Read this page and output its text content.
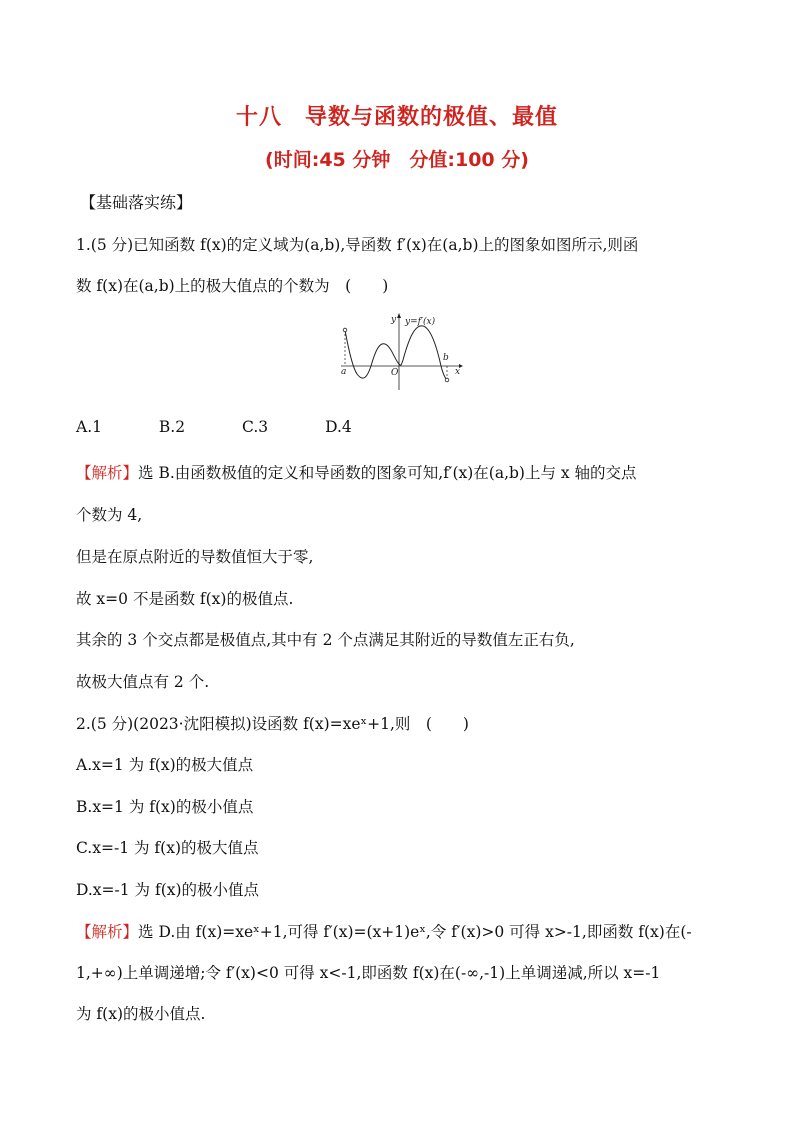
十八　导数与函数的极值、最值
(时间:45 分钟　分值:100 分)
【基础落实练】
1.(5 分)已知函数 f(x)的定义域为(a,b),导函数 f′(x)在(a,b)上的图象如图所示,则函
数 f(x)在(a,b)上的极大值点的个数为　(　　)
y=f′(x)
y
x
O
a
b
A.1	B.2	C.3	D.4
【解析】选 B.由函数极值的定义和导函数的图象可知,f′(x)在(a,b)上与 x 轴的交点
个数为 4,
但是在原点附近的导数值恒大于零,
故 x=0 不是函数 f(x)的极值点.
其余的 3 个交点都是极值点,其中有 2 个点满足其附近的导数值左正右负,
故极大值点有 2 个.
2.(5 分)(2023·沈阳模拟)设函数 f(x)=xeˣ+1,则　(　　)
A.x=1 为 f(x)的极大值点
B.x=1 为 f(x)的极小值点
C.x=-1 为 f(x)的极大值点
D.x=-1 为 f(x)的极小值点
【解析】选 D.由 f(x)=xeˣ+1,可得 f′(x)=(x+1)eˣ,令 f′(x)>0 可得 x>-1,即函数 f(x)在(-
1,+∞)上单调递增;令 f′(x)<0 可得 x<-1,即函数 f(x)在(-∞,-1)上单调递减,所以 x=-1
为 f(x)的极小值点.
